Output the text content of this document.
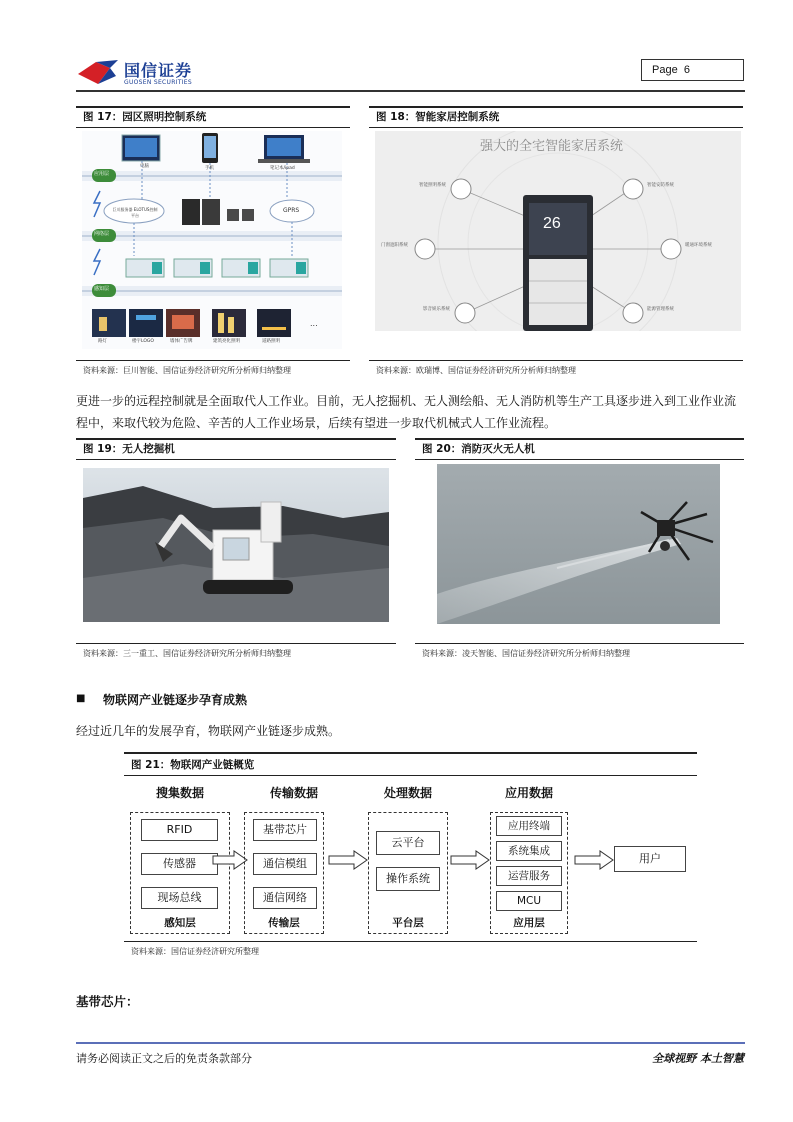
国信证券
GUOSEN SECURITIES
Page 6
图 17：园区照明控制系统
应用层
网络层
感知层
电脑	手机	笔记本/ipad
巨川服务器 ELOTUS控制平台
GPRS
路灯	楼宇LOGO	墙体广告牌	建筑亮化照明	道路照明
...
资料来源：巨川智能、国信证券经济研究所分析师归纳整理
图 18：智能家居控制系统
强大的全宅智能家居系统
26
智能照明系统
门窗遮阳系统
影音娱乐系统
智能安防系统
暖通环境系统
能源管理系统
资料来源：欧瑞博、国信证券经济研究所分析师归纳整理
更进一步的远程控制就是全面取代人工作业。目前，无人挖掘机、无人测绘船、无人消防机等生产工具逐步进入到工业作业流程中，来取代较为危险、辛苦的人工作业场景，后续有望进一步取代机械式人工作业流程。
图 19：无人挖掘机
资料来源：三一重工、国信证券经济研究所分析师归纳整理
图 20：消防灭火无人机
资料来源：凌天智能、国信证券经济研究所分析师归纳整理
■ 物联网产业链逐步孕育成熟
经过近几年的发展孕育，物联网产业链逐步成熟。
图 21：物联网产业链概览
搜集数据
RFID
传感器
现场总线
感知层
传输数据
基带芯片
通信模组
通信网络
传输层
处理数据
云平台
操作系统
平台层
应用数据
应用终端
系统集成
运营服务
MCU
应用层
用户
资料来源：国信证券经济研究所整理
基带芯片：
请务必阅读正文之后的免责条款部分	全球视野 本土智慧
